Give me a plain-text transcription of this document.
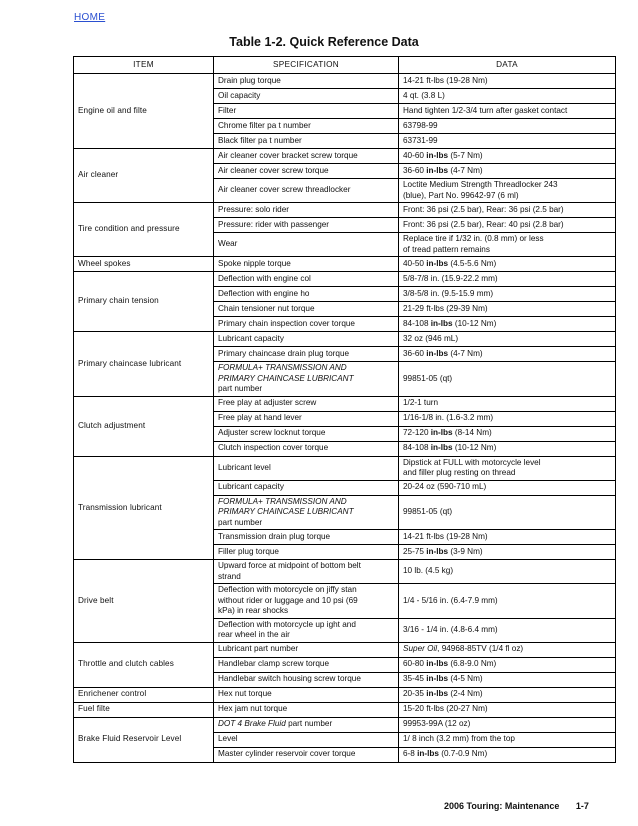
HOME
Table 1-2. Quick Reference Data
ITEM	SPECIFICATION	DATA
Engine oil and filte	Drain plug torque	14-21 ft-lbs (19-28 Nm)
	Oil capacity	4 qt. (3.8 L)
	Filter	Hand tighten 1/2-3/4 turn after gasket contact
	Chrome filter pa t number	63798-99
	Black filter pa t number	63731-99
Air cleaner	Air cleaner cover bracket screw torque	40-60 in-lbs (5-7 Nm)
	Air cleaner cover screw torque	36-60 in-lbs (4-7 Nm)
	Air cleaner cover screw threadlocker	Loctite Medium Strength Threadlocker 243
(blue), Part No. 99642-97 (6 ml)
Tire condition and pressure	Pressure: solo rider	Front: 36 psi (2.5 bar), Rear: 36 psi (2.5 bar)
	Pressure: rider with passenger	Front: 36 psi (2.5 bar), Rear: 40 psi (2.8 bar)
	Wear	Replace tire if 1/32 in. (0.8 mm) or less
of tread pattern remains
Wheel spokes	Spoke nipple torque	40-50 in-lbs (4.5-5.6 Nm)
Primary chain tension	Deflection with engine col	5/8-7/8 in. (15.9-22.2 mm)
	Deflection with engine ho	3/8-5/8 in. (9.5-15.9 mm)
	Chain tensioner nut torque	21-29 ft-lbs (29-39 Nm)
	Primary chain inspection cover torque	84-108 in-lbs (10-12 Nm)
Primary chaincase lubricant	Lubricant capacity	32 oz (946 mL)
	Primary chaincase drain plug torque	36-60 in-lbs (4-7 Nm)
	FORMULA+ TRANSMISSION AND
PRIMARY CHAINCASE LUBRICANT
part number	99851-05 (qt)
Clutch adjustment	Free play at adjuster screw	1/2-1 turn
	Free play at hand lever	1/16-1/8 in. (1.6-3.2 mm)
	Adjuster screw locknut torque	72-120 in-lbs (8-14 Nm)
	Clutch inspection cover torque	84-108 in-lbs (10-12 Nm)
Transmission lubricant	Lubricant level	Dipstick at FULL with motorcycle level
and filler plug resting on thread
	Lubricant capacity	20-24 oz (590-710 mL)
	FORMULA+ TRANSMISSION AND
PRIMARY CHAINCASE LUBRICANT
part number	99851-05 (qt)
	Transmission drain plug torque	14-21 ft-lbs (19-28 Nm)
	Filler plug torque	25-75 in-lbs (3-9 Nm)
Drive belt	Upward force at midpoint of bottom belt
strand	10 lb. (4.5 kg)
	Deflection with motorcycle on jiffy stan
without rider or luggage and 10 psi (69
kPa) in rear shocks	1/4 - 5/16 in. (6.4-7.9 mm)
	Deflection with motorcycle up ight and
rear wheel in the air	3/16 - 1/4 in. (4.8-6.4 mm)
Throttle and clutch cables	Lubricant part number	Super Oil, 94968-85TV (1/4 fl oz)
	Handlebar clamp screw torque	60-80 in-lbs (6.8-9.0 Nm)
	Handlebar switch housing screw torque	35-45 in-lbs (4-5 Nm)
Enrichener control	Hex nut torque	20-35 in-lbs (2-4 Nm)
Fuel filte	Hex jam nut torque	15-20 ft-lbs (20-27 Nm)
Brake Fluid Reservoir Level	DOT 4 Brake Fluid part number	99953-99A (12 oz)
	Level	1/ 8 inch (3.2 mm) from the top
	Master cylinder reservoir cover torque	6-8 in-lbs (0.7-0.9 Nm)
2006 Touring: Maintenance 1-7
